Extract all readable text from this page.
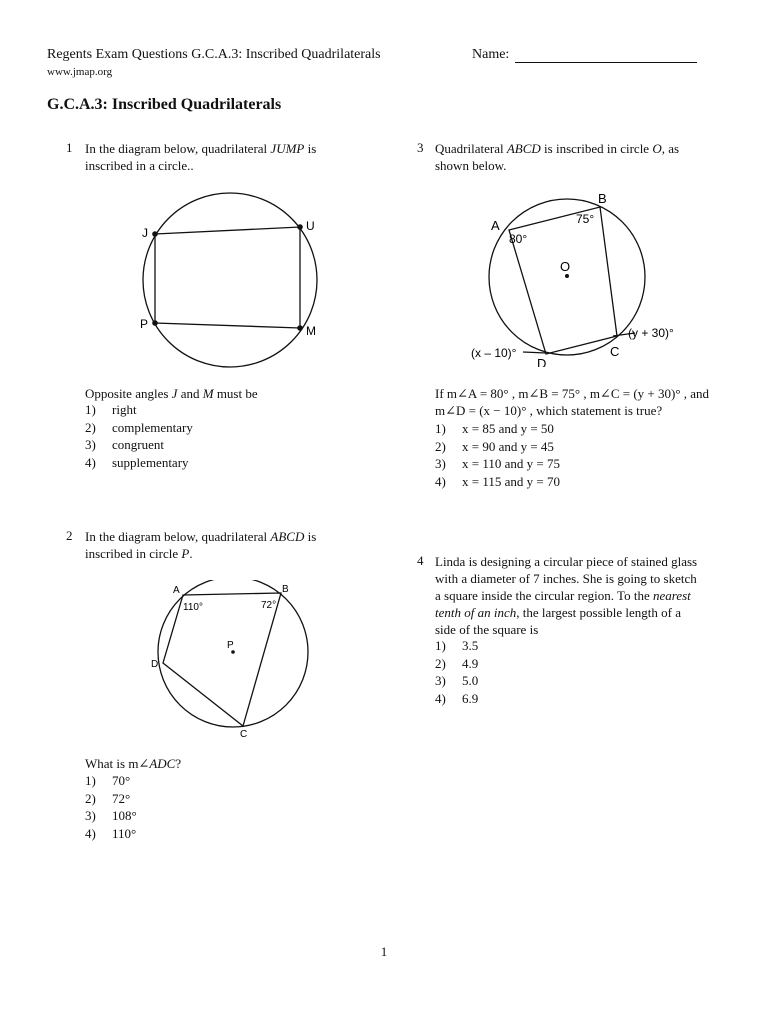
Regents Exam Questions G.C.A.3: Inscribed Quadrilaterals
www.jmap.org
Name:
G.C.A.3: Inscribed Quadrilaterals
1 In the diagram below, quadrilateral JUMP is
inscribed in a circle..
J	U
P	M
Opposite angles J and M must be
1)	right
2)	complementary
3)	congruent
4)	supplementary
2 In the diagram below, quadrilateral ABCD is
inscribed in circle P.
A	B
C
D
P
110°	72°
What is m∠ADC?
1)	70°
2)	72°
3)	108°
4)	110°
3 Quadrilateral ABCD is inscribed in circle O, as
shown below.
A
B
C
D
O
80°
75°
(y + 30)°
(x – 10)°
If m∠A = 80° , m∠B = 75° , m∠C = (y + 30)° , and
m∠D = (x − 10)° , which statement is true?
1)	x = 85 and y = 50
2)	x = 90 and y = 45
3)	x = 110 and y = 75
4)	x = 115 and y = 70
4 Linda is designing a circular piece of stained glass
with a diameter of 7 inches. She is going to sketch
a square inside the circular region. To the nearest
tenth of an inch, the largest possible length of a
side of the square is
1)	3.5
2)	4.9
3)	5.0
4)	6.9
1
